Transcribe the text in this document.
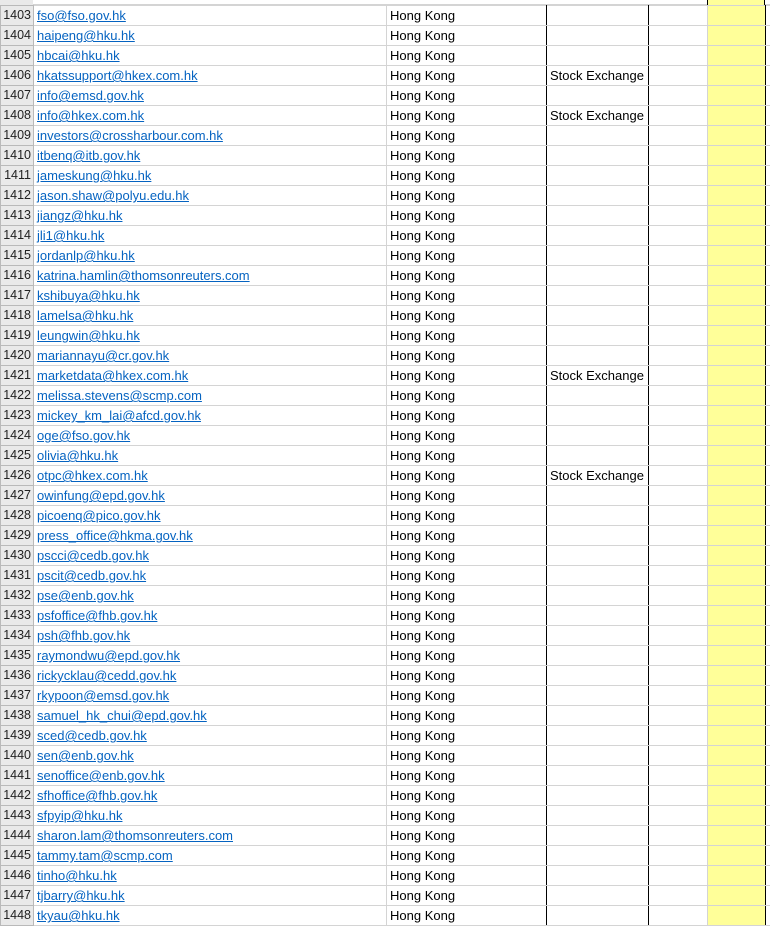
1403	fso@fso.gov.hk	Hong Kong				
1404	haipeng@hku.hk	Hong Kong				
1405	hbcai@hku.hk	Hong Kong				
1406	hkatssupport@hkex.com.hk	Hong Kong	Stock Exchange			
1407	info@emsd.gov.hk	Hong Kong				
1408	info@hkex.com.hk	Hong Kong	Stock Exchange			
1409	investors@crossharbour.com.hk	Hong Kong				
1410	itbenq@itb.gov.hk	Hong Kong				
1411	jameskung@hku.hk	Hong Kong				
1412	jason.shaw@polyu.edu.hk	Hong Kong				
1413	jiangz@hku.hk	Hong Kong				
1414	jli1@hku.hk	Hong Kong				
1415	jordanlp@hku.hk	Hong Kong				
1416	katrina.hamlin@thomsonreuters.com	Hong Kong				
1417	kshibuya@hku.hk	Hong Kong				
1418	lamelsa@hku.hk	Hong Kong				
1419	leungwin@hku.hk	Hong Kong				
1420	mariannayu@cr.gov.hk	Hong Kong				
1421	marketdata@hkex.com.hk	Hong Kong	Stock Exchange			
1422	melissa.stevens@scmp.com	Hong Kong				
1423	mickey_km_lai@afcd.gov.hk	Hong Kong				
1424	oge@fso.gov.hk	Hong Kong				
1425	olivia@hku.hk	Hong Kong				
1426	otpc@hkex.com.hk	Hong Kong	Stock Exchange			
1427	owinfung@epd.gov.hk	Hong Kong				
1428	picoenq@pico.gov.hk	Hong Kong				
1429	press_office@hkma.gov.hk	Hong Kong				
1430	pscci@cedb.gov.hk	Hong Kong				
1431	pscit@cedb.gov.hk	Hong Kong				
1432	pse@enb.gov.hk	Hong Kong				
1433	psfoffice@fhb.gov.hk	Hong Kong				
1434	psh@fhb.gov.hk	Hong Kong				
1435	raymondwu@epd.gov.hk	Hong Kong				
1436	rickycklau@cedd.gov.hk	Hong Kong				
1437	rkypoon@emsd.gov.hk	Hong Kong				
1438	samuel_hk_chui@epd.gov.hk	Hong Kong				
1439	sced@cedb.gov.hk	Hong Kong				
1440	sen@enb.gov.hk	Hong Kong				
1441	senoffice@enb.gov.hk	Hong Kong				
1442	sfhoffice@fhb.gov.hk	Hong Kong				
1443	sfpyip@hku.hk	Hong Kong				
1444	sharon.lam@thomsonreuters.com	Hong Kong				
1445	tammy.tam@scmp.com	Hong Kong				
1446	tinho@hku.hk	Hong Kong				
1447	tjbarry@hku.hk	Hong Kong				
1448	tkyau@hku.hk	Hong Kong				
